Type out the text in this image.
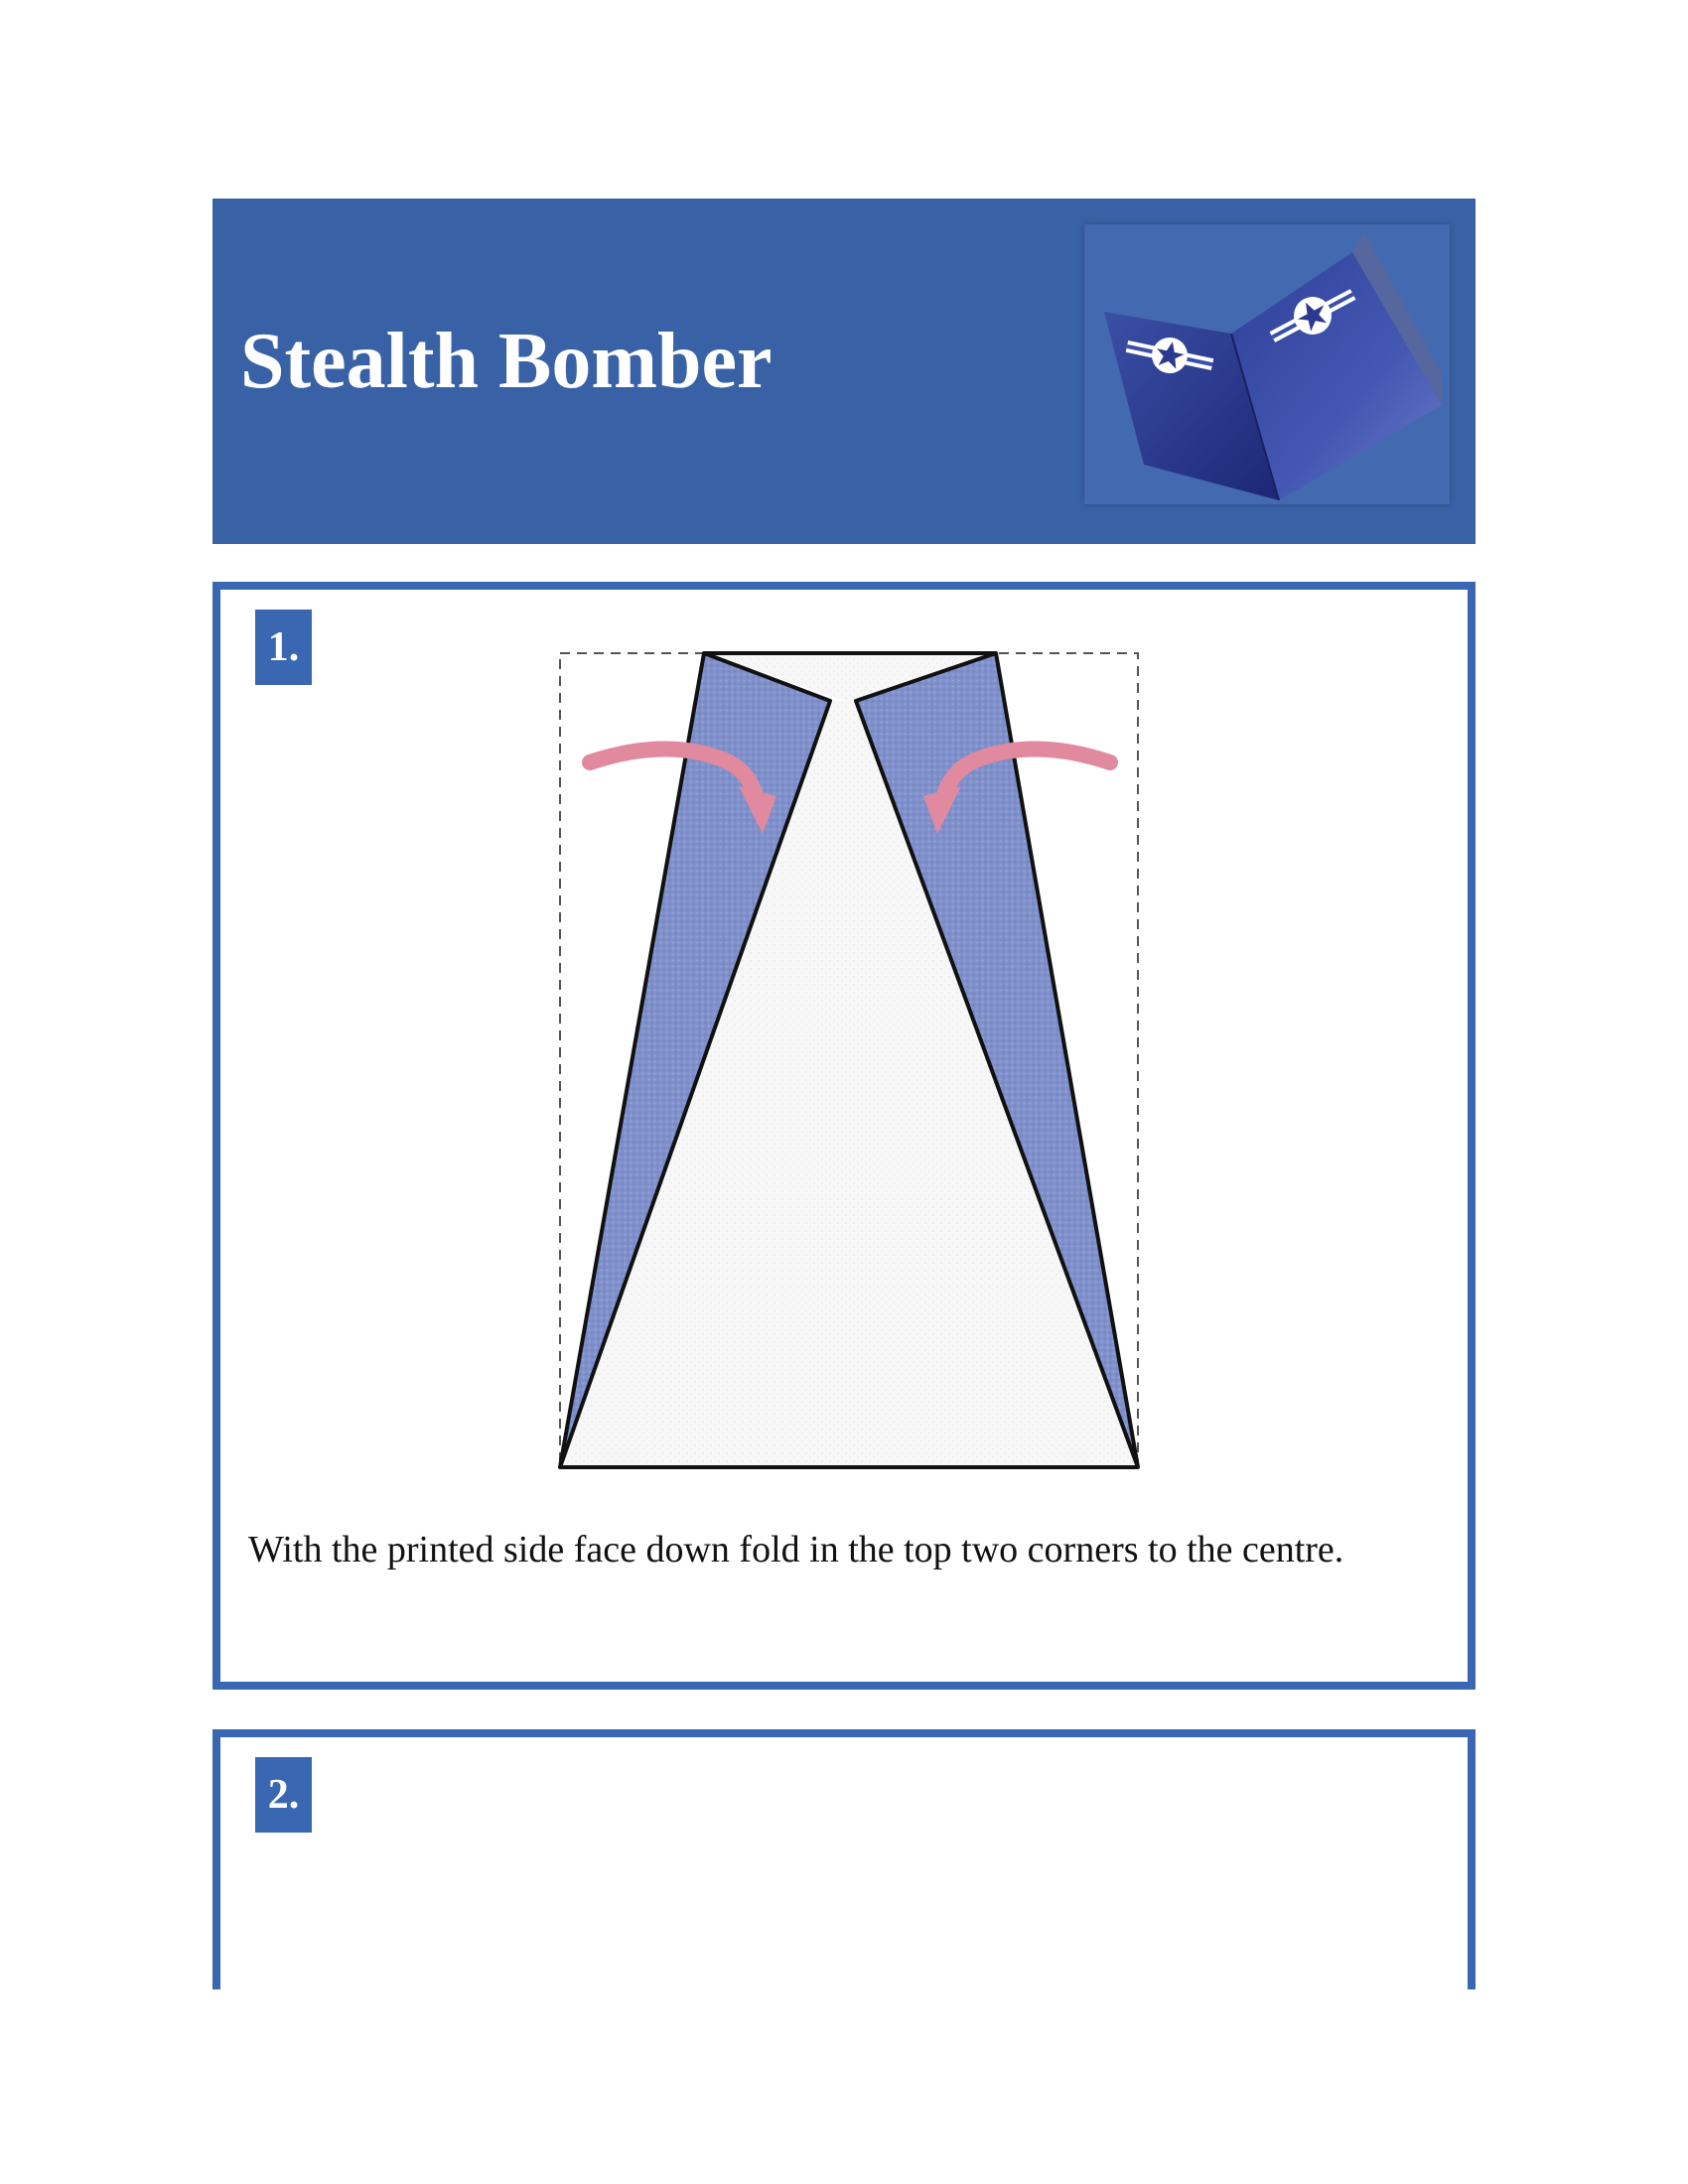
Stealth Bomber
1.

With the printed side face down fold in the top two corners to the centre.

2.
